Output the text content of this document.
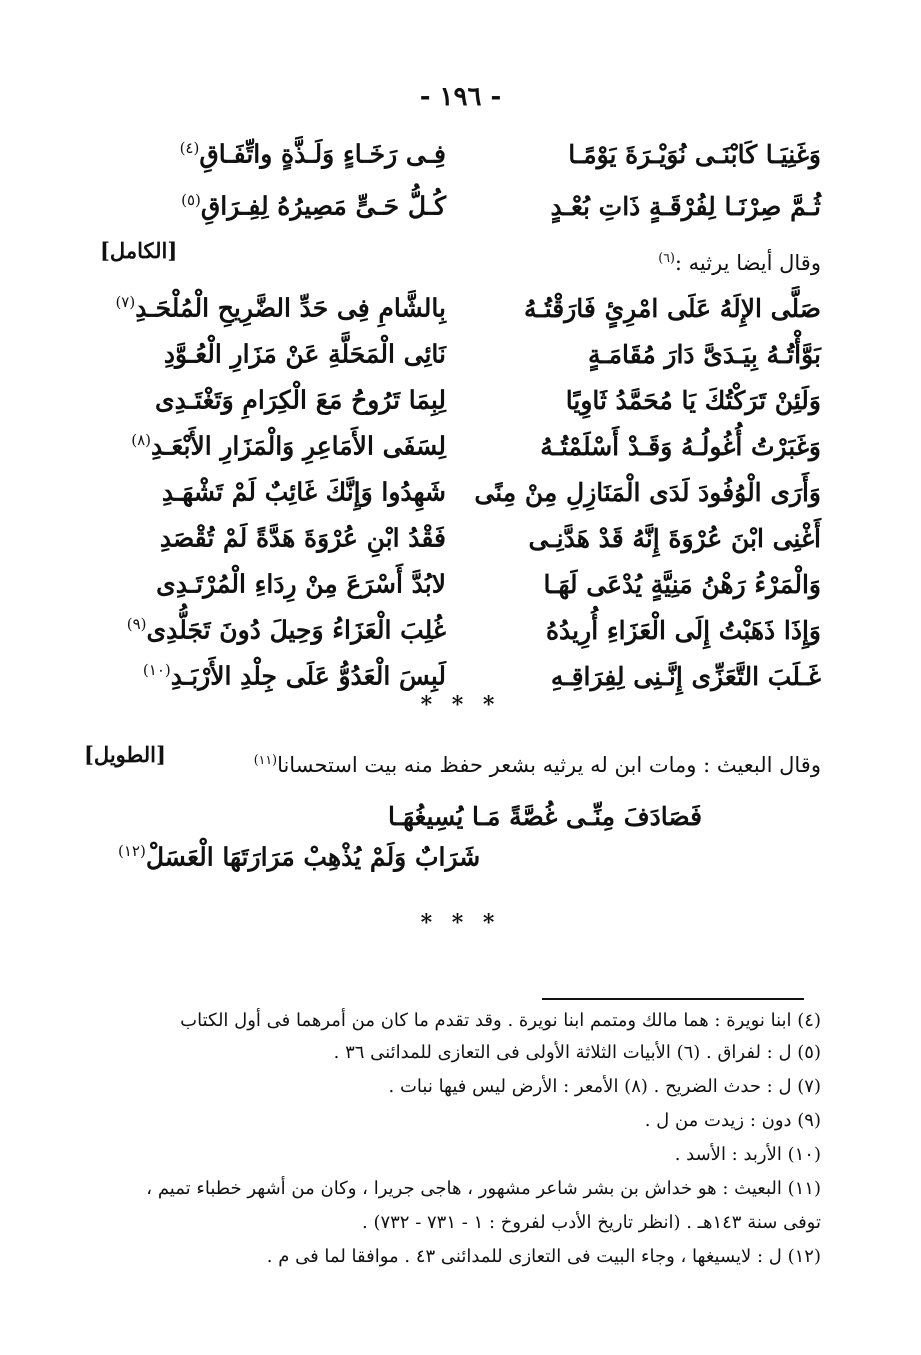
- ١٩٦ -
وَغَنِيَـا كَابْنَـى نُوَيْـرَةَ يَوْمًـا
فِـى رَخَـاءٍ وَلَـذَّةٍ واتِّفَـاقِ$^{(٤)}$
ثُـمَّ صِرْنَـا لِفُرْقَـةٍ ذَاتِ بُعْـدٍ
كُـلُّ حَـىٍّ مَصِيرُهُ لِفِـرَاقِ$^{(٥)}$
وقال أيضا يرثيه :$^{(٦)}$
[الكامل]
صَلَّى الإِلَهُ عَلَى امْرِئٍ فَارَقْتُـهُ
بِالشَّامِ فِى حَدِّ الضَّرِيحِ الْمُلْحَـدِ$^{(٧)}$
بَوَّأْتُـهُ بِيَـدَىَّ دَارَ مُقَامَـةٍ
نَائِى الْمَحَلَّةِ عَنْ مَزَارِ الْعُـوَّدِ
وَلَئِنْ تَرَكْتُكَ يَا مُحَمَّدُ ثَاوِيًا
لِبِمَا تَرُوحُ مَعَ الْكِرَامِ وَتَغْتَـدِى
وَغَبَرْتُ أُغُولُـهُ وَقَـدْ أَسْلَمْتُـهُ
لِسَفَى الأَمَاعِرِ وَالْمَزَارِ الأَبْعَـدِ$^{(٨)}$
وَأَرَى الْوُفُودَ لَدَى الْمَنَازِلِ مِنْ مِنًى
شَهِدُوا وَإِنَّكَ غَائِبٌ لَمْ تَشْهَـدِ
أَغْنِى ابْنَ عُرْوَةَ إِنَّهُ قَدْ هَدَّنِـى
فَقْدُ ابْنِ عُرْوَةَ هَدَّةً لَمْ تُقْصَدِ
وَالْمَرْءُ رَهْنُ مَنِيَّةٍ يُدْعَى لَهَـا
لابُدَّ أَسْرَعَ مِنْ رِدَاءِ الْمُرْتَـدِى
وَإِذَا ذَهَبْتُ إِلَى الْعَزَاءِ أُرِيدُهُ
غُلِبَ الْعَزَاءُ وَحِيلَ دُونَ تَجَلُّدِى$^{(٩)}$
غَـلَبَ التَّعَزِّى إِنَّـنِى لِفِرَاقِـهِ
لَبِسَ الْعَدُوُّ عَلَى جِلْدِ الأَرْبَـدِ$^{(١٠)}$
* * *
وقال البعيث : ومات ابن له يرثيه بشعر حفظ منه بيت استحسانا$^{(١١)}$
[الطويل]
فَصَادَفَ مِنِّـى غُصَّةً مَـا يُسِيغُهَـا
شَرَابٌ وَلَمْ يُذْهِبْ مَرَارَتَهَا الْعَسَلْ$^{(١٢)}$
* * *
(٤) ابنا نويرة : هما مالك ومتمم ابنا نويرة . وقد تقدم ما كان من أمرهما فى أول الكتاب
(٥) ل : لفراق . (٦) الأبيات الثلاثة الأولى فى التعازى للمدائنى ٣٦ .
(٧) ل : حدث الضريح . (٨) الأمعر : الأرض ليس فيها نبات .
(٩) دون : زيدت من ل .
(١٠) الأربد : الأسد .
(١١) البعيث : هو خداش بن بشر شاعر مشهور ، هاجى جريرا ، وكان من أشهر خطباء تميم ،
توفى سنة ١٤٣هـ . (انظر تاريخ الأدب لفروخ : ١ - ٧٣١ - ٧٣٢) .
(١٢) ل : لايسيغها ، وجاء البيت فى التعازى للمدائنى ٤٣ . موافقا لما فى م .
